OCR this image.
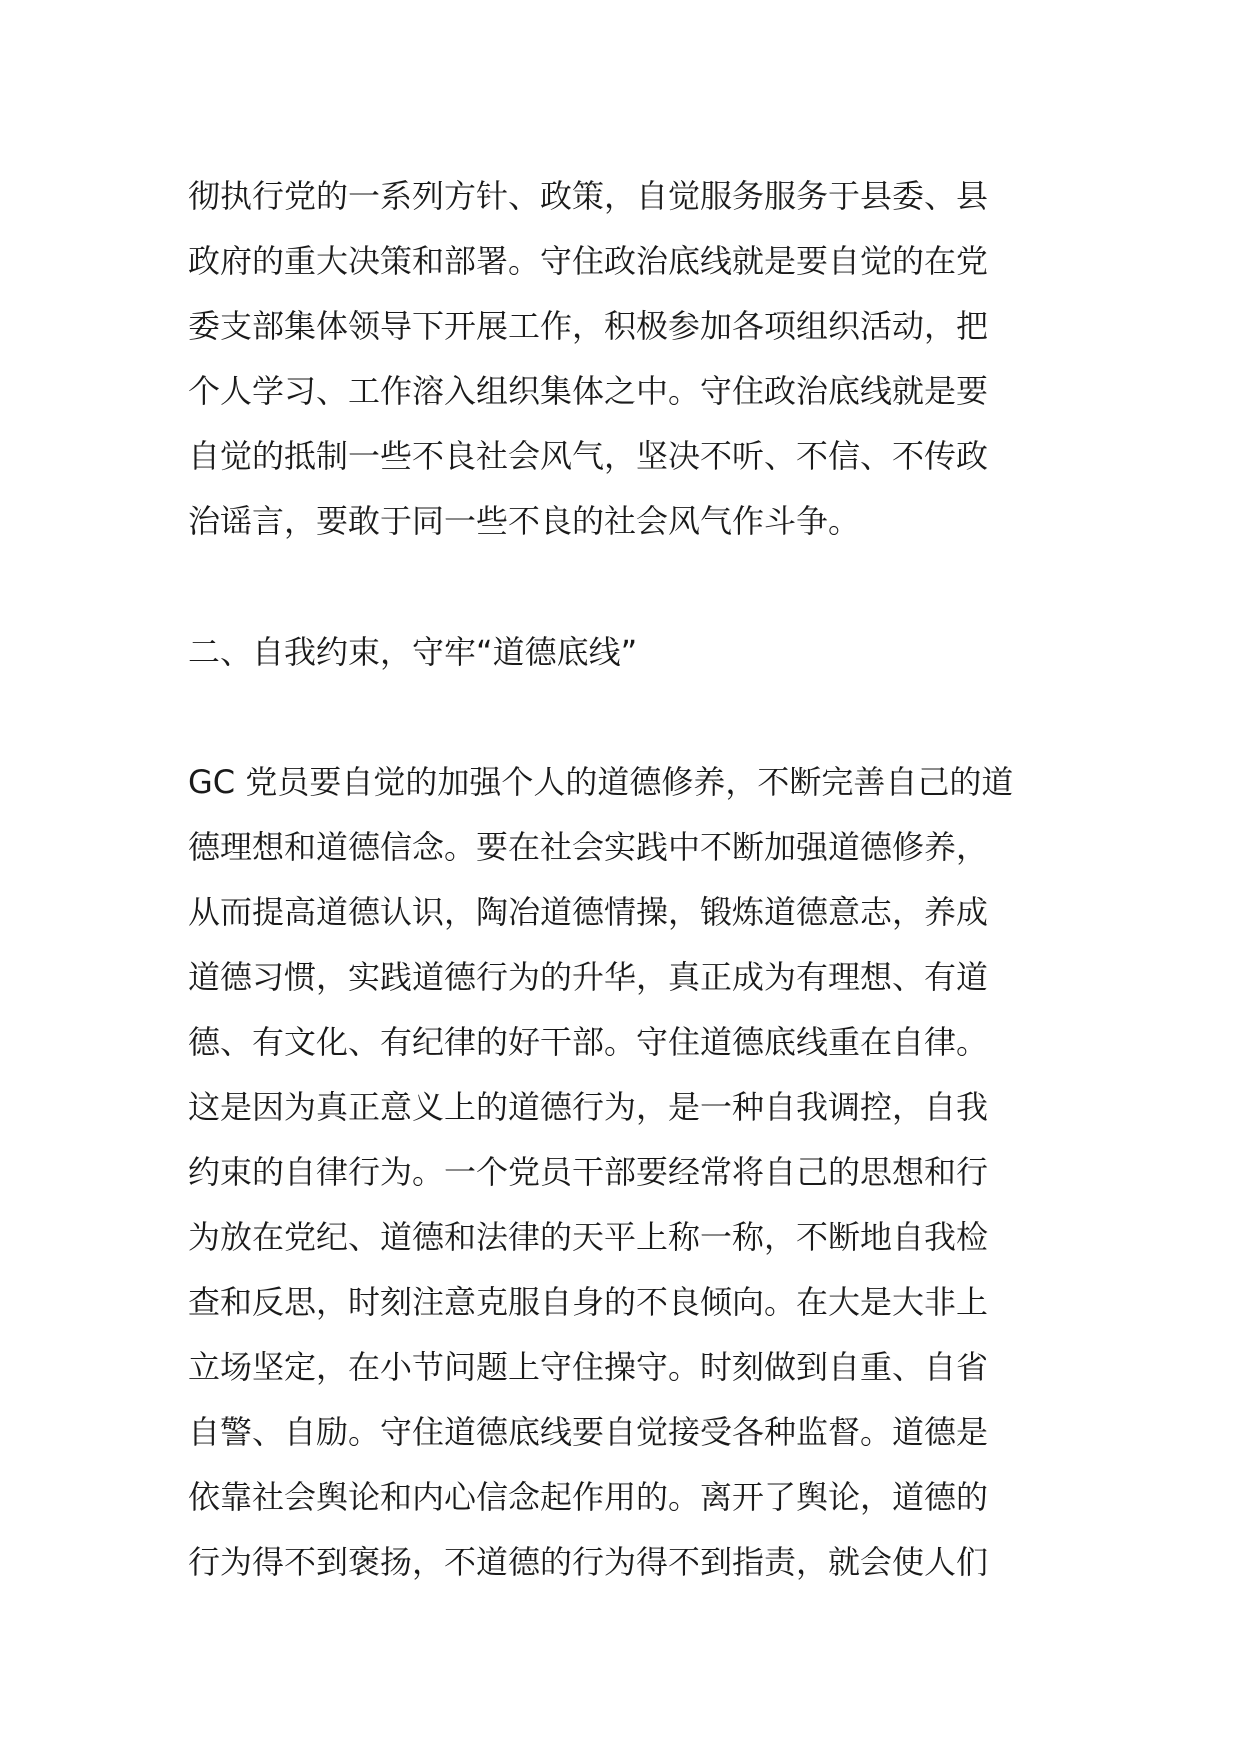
彻执行党的一系列方针、政策，自觉服务服务于县委、县
政府的重大决策和部署。守住政治底线就是要自觉的在党
委支部集体领导下开展工作，积极参加各项组织活动，把
个人学习、工作溶入组织集体之中。守住政治底线就是要
自觉的抵制一些不良社会风气，坚决不听、不信、不传政
治谣言，要敢于同一些不良的社会风气作斗争。
二、自我约束，守牢“道德底线”
GC 党员要自觉的加强个人的道德修养，不断完善自己的道
德理想和道德信念。要在社会实践中不断加强道德修养，
从而提高道德认识，陶冶道德情操，锻炼道德意志，养成
道德习惯，实践道德行为的升华，真正成为有理想、有道
德、有文化、有纪律的好干部。守住道德底线重在自律。
这是因为真正意义上的道德行为，是一种自我调控，自我
约束的自律行为。一个党员干部要经常将自己的思想和行
为放在党纪、道德和法律的天平上称一称，不断地自我检
查和反思，时刻注意克服自身的不良倾向。在大是大非上
立场坚定，在小节问题上守住操守。时刻做到自重、自省
自警、自励。守住道德底线要自觉接受各种监督。道德是
依靠社会舆论和内心信念起作用的。离开了舆论，道德的
行为得不到褒扬，不道德的行为得不到指责，就会使人们
